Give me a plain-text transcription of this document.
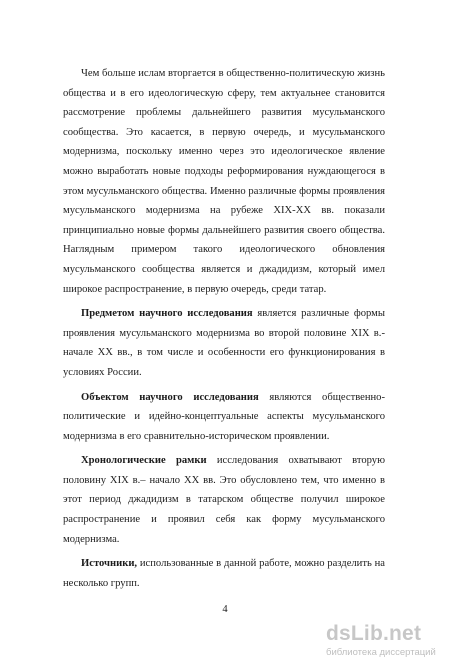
Чем больше ислам вторгается в общественно-политическую жизнь общества и в его идеологическую сферу, тем актуальнее становится рассмотрение проблемы дальнейшего развития мусульманского сообщества. Это касается, в первую очередь, и мусульманского модернизма, поскольку именно через это идеологическое явление можно выработать новые подходы реформирования нуждающегося в этом мусульманского общества. Именно различные формы проявления мусульманского модернизма на рубеже XIX-XX вв. показали принципиально новые формы дальнейшего развития своего общества. Наглядным примером такого идеологического обновления мусульманского сообщества является и джадидизм, который имел широкое распространение, в первую очередь, среди татар.

Предметом научного исследования является различные формы проявления мусульманского модернизма во второй половине XIX в.- начале XX вв., в том числе и особенности его функционирования в условиях России.

Объектом научного исследования являются общественно-политические и идейно-концептуальные аспекты мусульманского модернизма в его сравнительно-историческом проявлении.

Хронологические рамки исследования охватывают вторую половину XIX в.– начало XX вв. Это обусловлено тем, что именно в этот период джадидизм в татарском обществе получил широкое распространение и проявил себя как форму мусульманского модернизма.

Источники, использованные в данной работе, можно разделить на несколько групп.

4
dsLib.net
библиотека диссертаций
